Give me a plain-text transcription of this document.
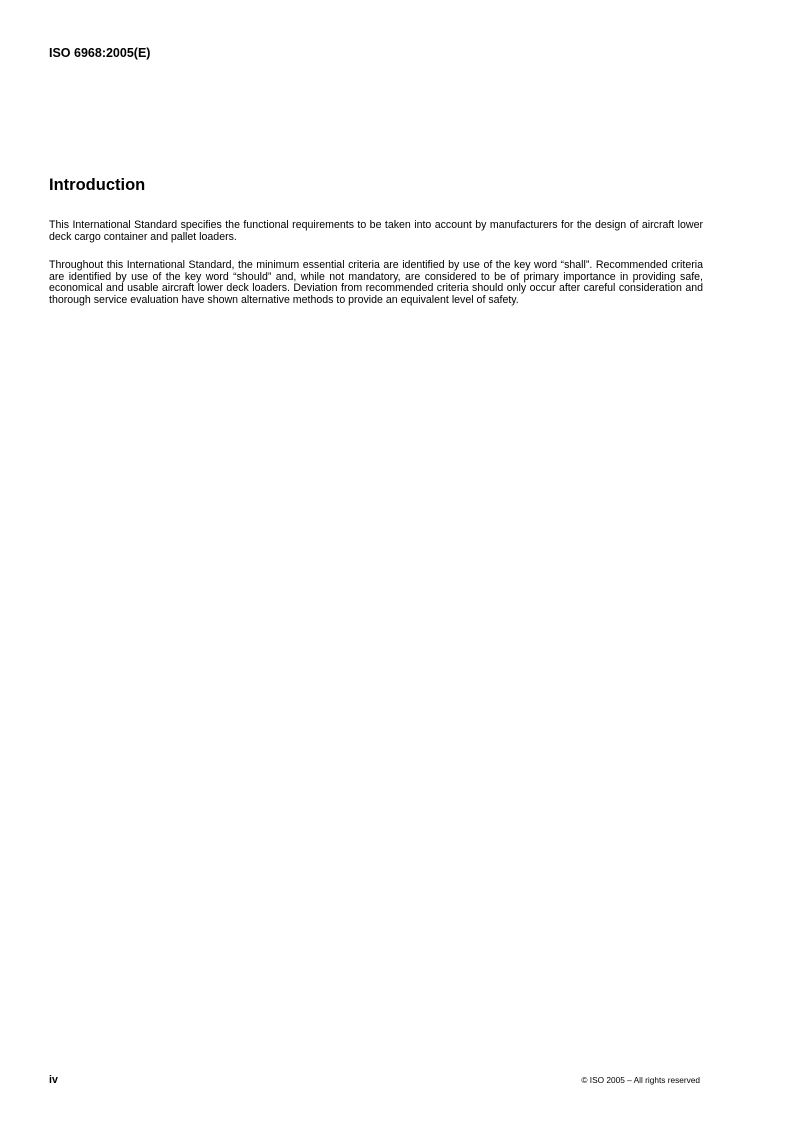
ISO 6968:2005(E)

Introduction

This International Standard specifies the functional requirements to be taken into account by manufacturers for the design of aircraft lower deck cargo container and pallet loaders.

Throughout this International Standard, the minimum essential criteria are identified by use of the key word “shall”. Recommended criteria are identified by use of the key word “should” and, while not mandatory, are considered to be of primary importance in providing safe, economical and usable aircraft lower deck loaders. Deviation from recommended criteria should only occur after careful consideration and thorough service evaluation have shown alternative methods to provide an equivalent level of safety.

iv	© ISO 2005 – All rights reserved
